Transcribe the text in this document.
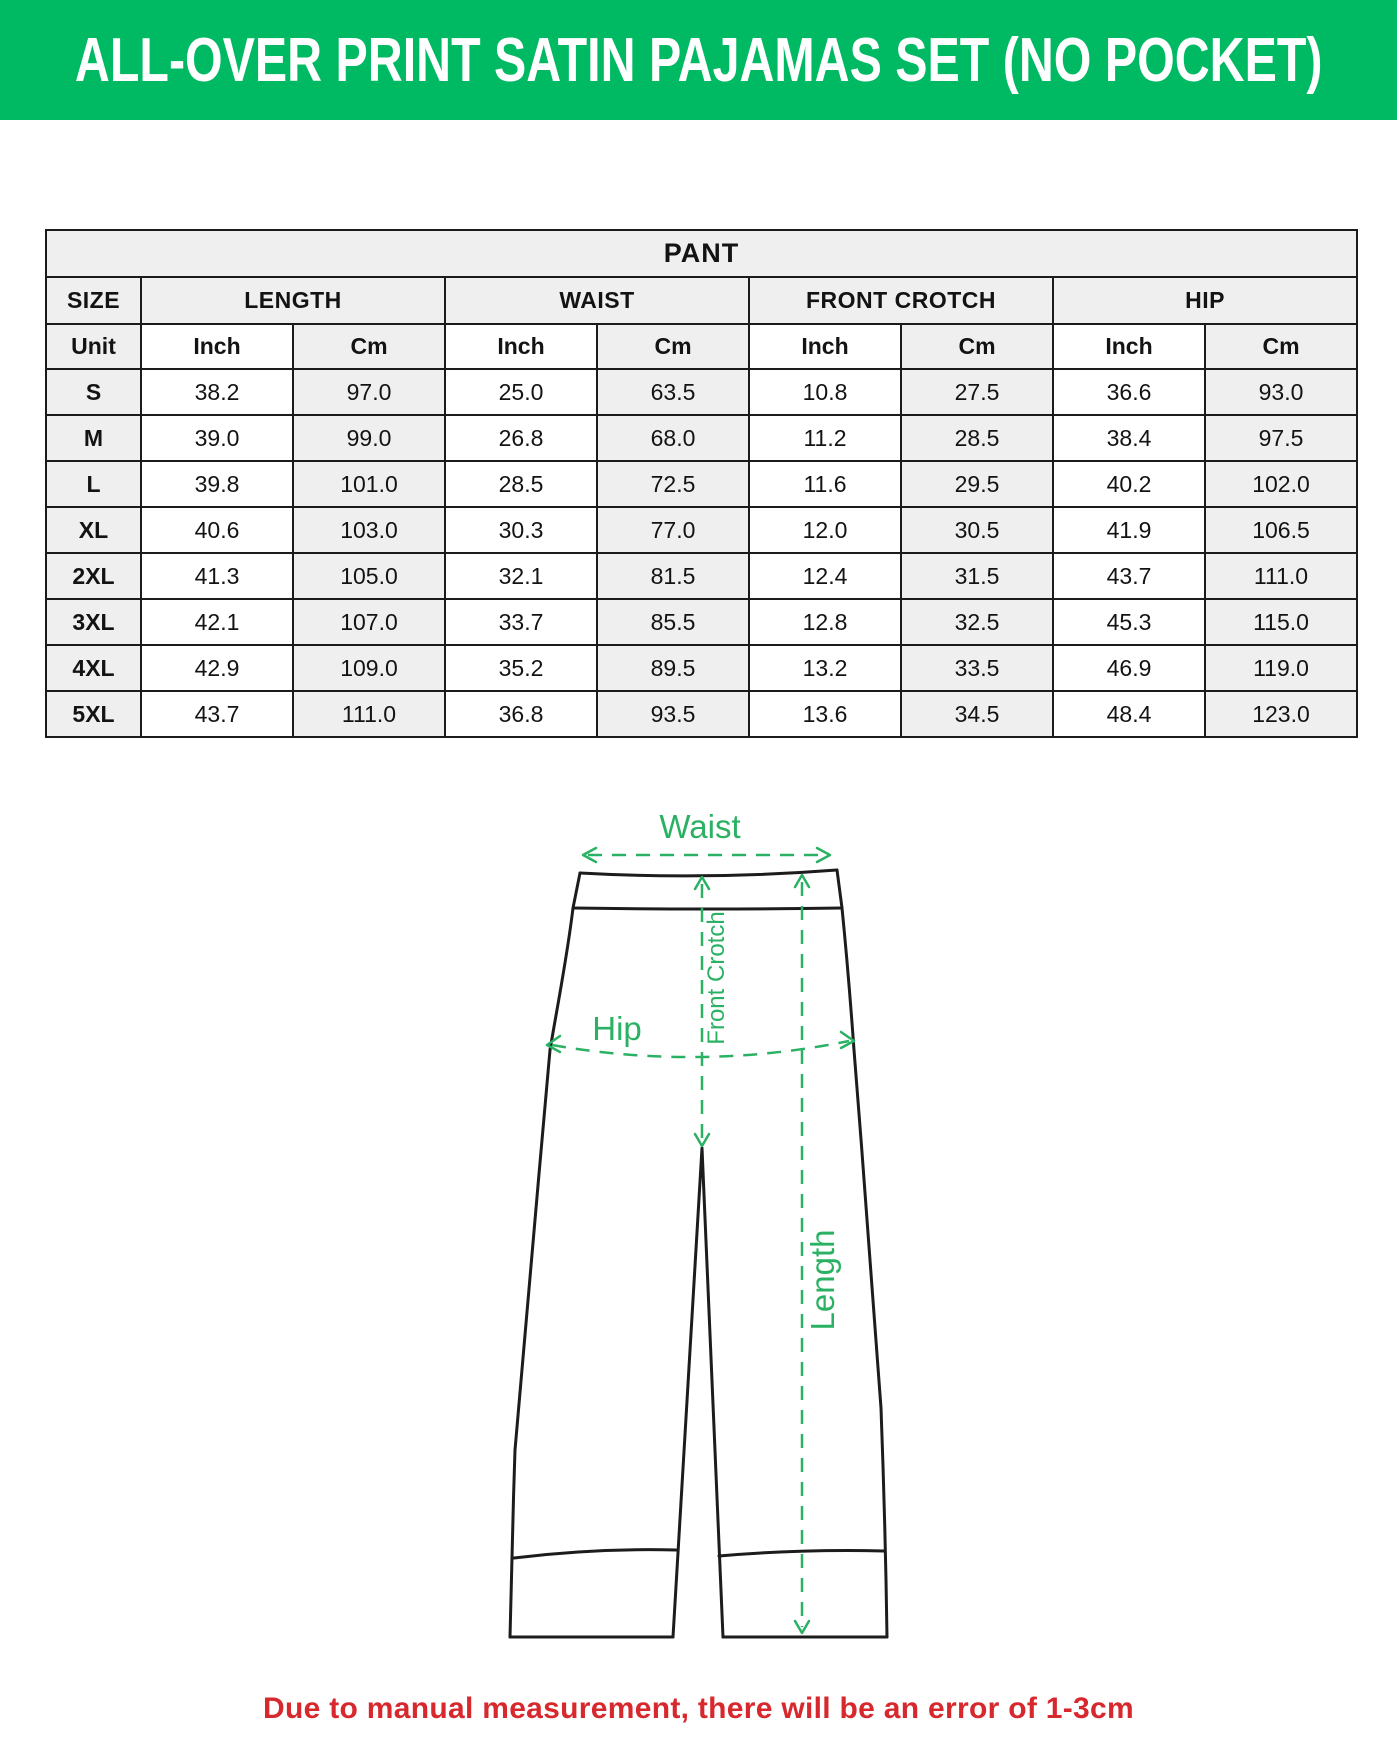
ALL-OVER PRINT SATIN PAJAMAS SET (NO POCKET)
PANT								
SIZE	LENGTH		WAIST		FRONT CROTCH		HIP	
Unit	Inch	Cm	Inch	Cm	Inch	Cm	Inch	Cm
S	38.2	97.0	25.0	63.5	10.8	27.5	36.6	93.0
M	39.0	99.0	26.8	68.0	11.2	28.5	38.4	97.5
L	39.8	101.0	28.5	72.5	11.6	29.5	40.2	102.0
XL	40.6	103.0	30.3	77.0	12.0	30.5	41.9	106.5
2XL	41.3	105.0	32.1	81.5	12.4	31.5	43.7	111.0
3XL	42.1	107.0	33.7	85.5	12.8	32.5	45.3	115.0
4XL	42.9	109.0	35.2	89.5	13.2	33.5	46.9	119.0
5XL	43.7	111.0	36.8	93.5	13.6	34.5	48.4	123.0
Waist
Front Crotch
Hip
Length

Due to manual measurement, there will be an error of 1-3cm
